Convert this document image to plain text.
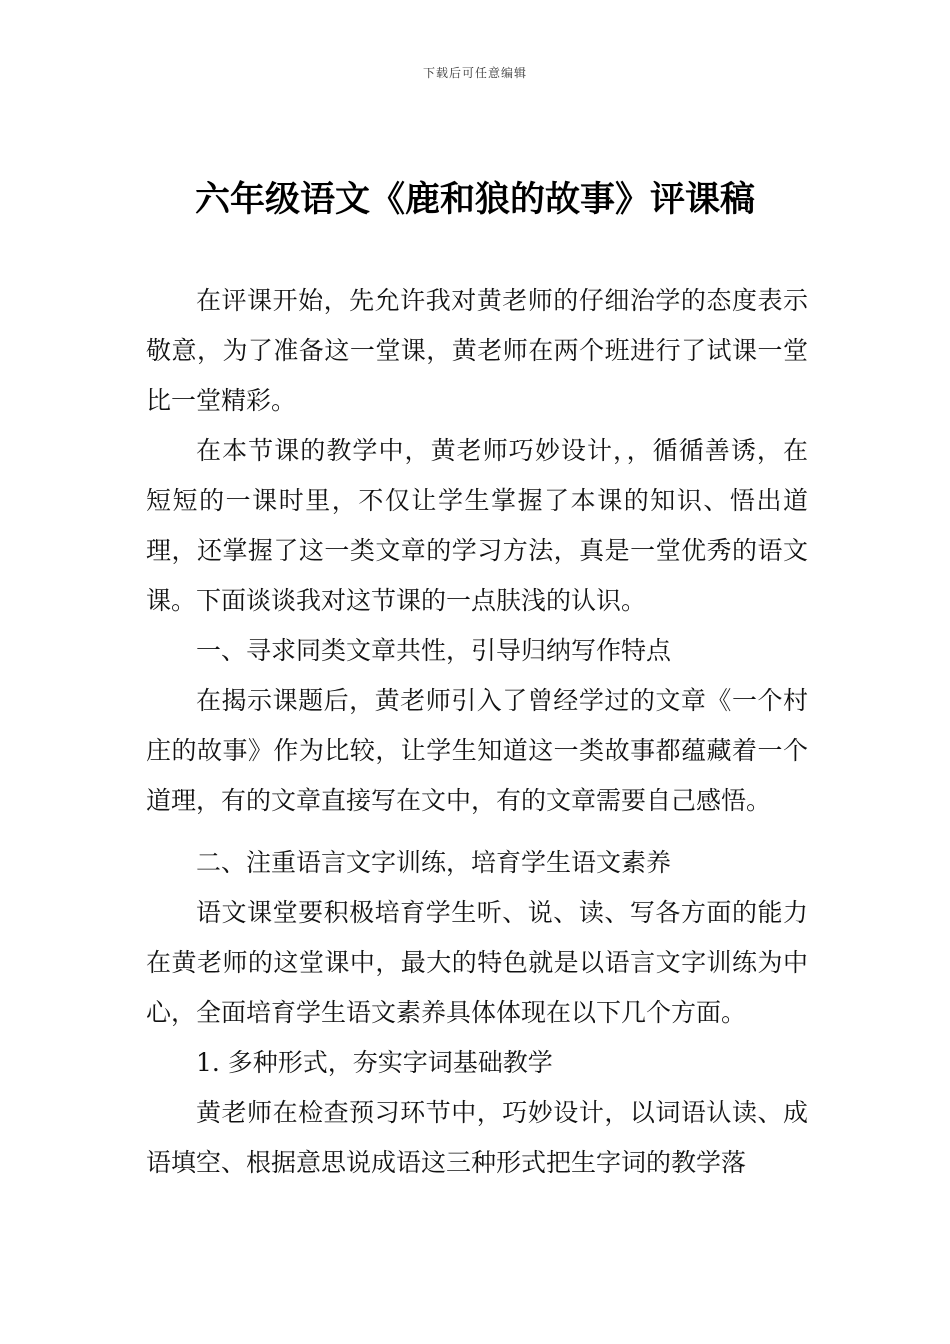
下载后可任意编辑
六年级语文《鹿和狼的故事》评课稿

在评课开始，先允许我对黄老师的仔细治学的态度表示敬意，为了准备这一堂课，黄老师在两个班进行了试课一堂比一堂精彩。

在本节课的教学中，黄老师巧妙设计，，循循善诱，在短短的一课时里，不仅让学生掌握了本课的知识、悟出道理，还掌握了这一类文章的学习方法，真是一堂优秀的语文课。下面谈谈我对这节课的一点肤浅的认识。

一、寻求同类文章共性，引导归纳写作特点

在揭示课题后，黄老师引入了曾经学过的文章《一个村庄的故事》作为比较，让学生知道这一类故事都蕴藏着一个道理，有的文章直接写在文中，有的文章需要自己感悟。

二、注重语言文字训练，培育学生语文素养

语文课堂要积极培育学生听、说、读、写各方面的能力在黄老师的这堂课中，最大的特色就是以语言文字训练为中心，全面培育学生语文素养具体体现在以下几个方面。

1. 多种形式，夯实字词基础教学

黄老师在检查预习环节中，巧妙设计，以词语认读、成语填空、根据意思说成语这三种形式把生字词的教学落
